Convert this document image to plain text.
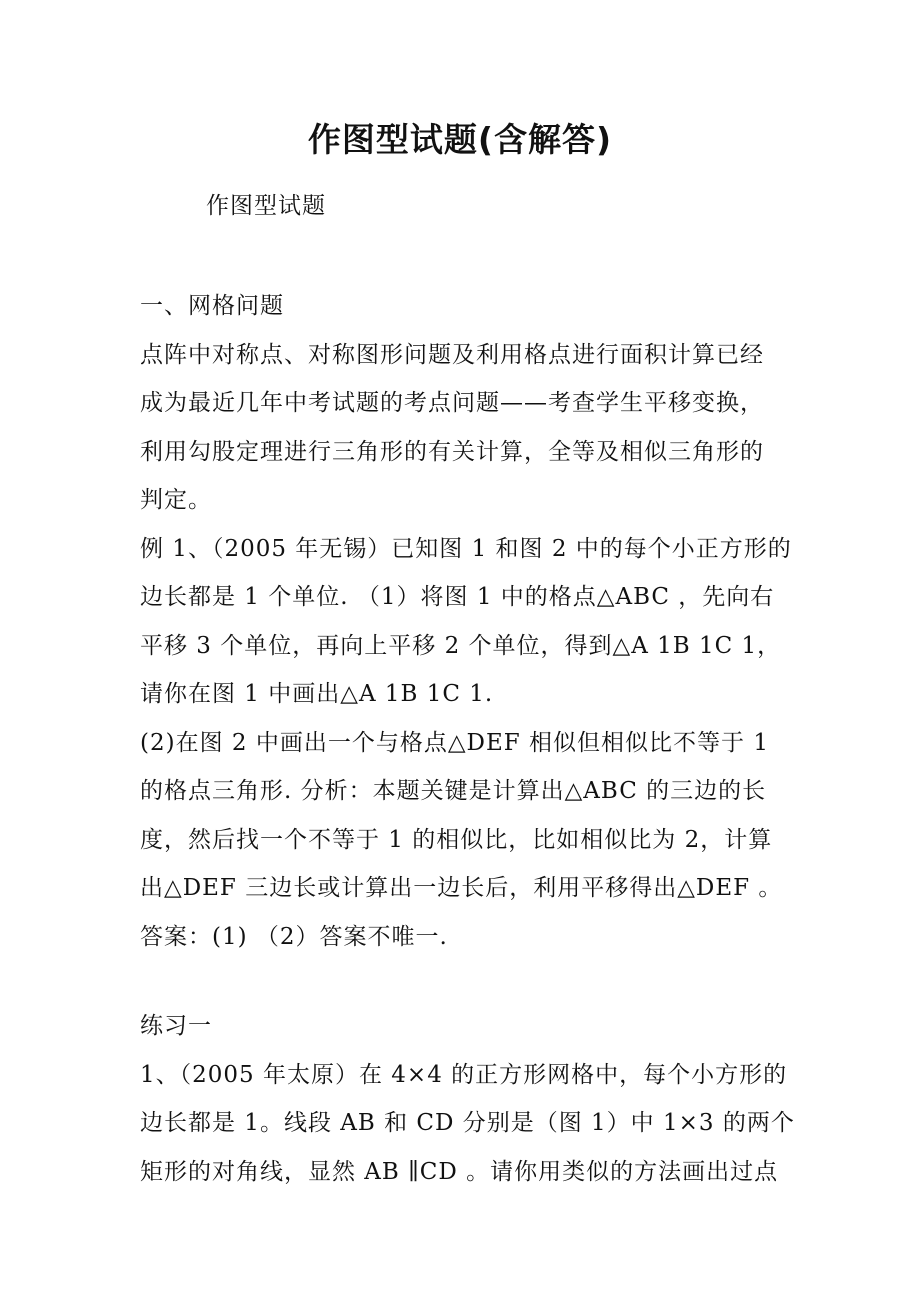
作图型试题(含解答)
作图型试题
一、网格问题
点阵中对称点、对称图形问题及利用格点进行面积计算已经
成为最近几年中考试题的考点问题——考查学生平移变换，
利用勾股定理进行三角形的有关计算，全等及相似三角形的
判定。
例 1、（2005 年无锡）已知图 1 和图 2 中的每个小正方形的
边长都是 1 个单位. （1）将图 1 中的格点△ABC ，先向右
平移 3 个单位，再向上平移 2 个单位，得到△A 1B 1C 1，
请你在图 1 中画出△A 1B 1C 1.
(2)在图 2 中画出一个与格点△DEF 相似但相似比不等于 1
的格点三角形. 分析：本题关键是计算出△ABC 的三边的长
度，然后找一个不等于 1 的相似比，比如相似比为 2，计算
出△DEF 三边长或计算出一边长后，利用平移得出△DEF 。
答案：(1) （2）答案不唯一.
练习一
1、（2005 年太原）在 4×4 的正方形网格中，每个小方形的
边长都是 1。线段 AB 和 CD 分别是（图 1）中 1×3 的两个
矩形的对角线，显然 AB ∥CD 。请你用类似的方法画出过点
